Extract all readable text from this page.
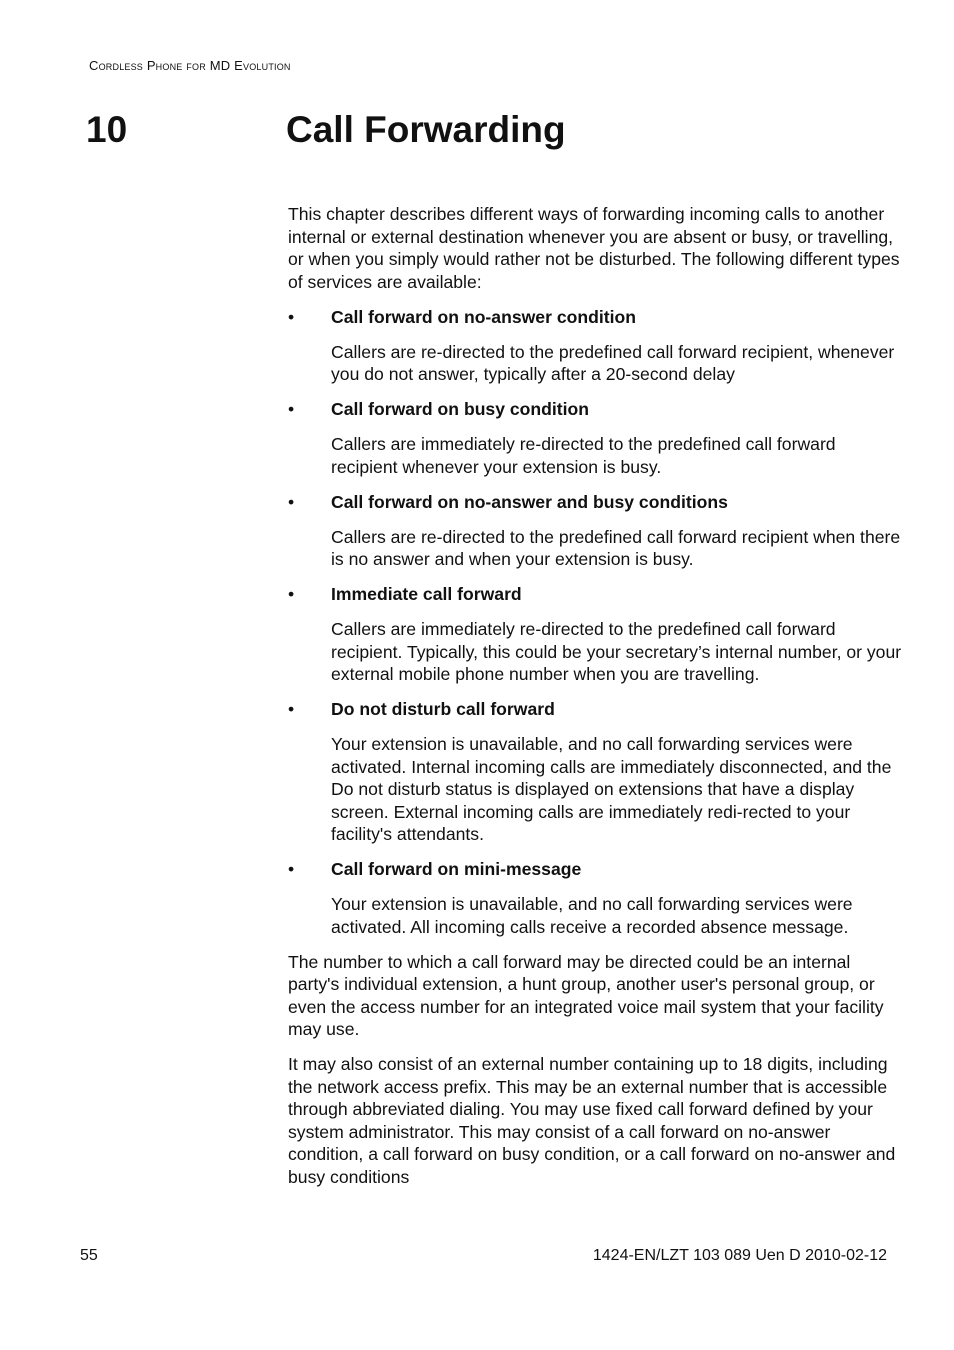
Cordless Phone for MD Evolution
10	Call Forwarding

This chapter describes different ways of forwarding incoming calls to another internal or external destination whenever you are absent or busy, or travelling, or when you simply would rather not be disturbed. The following different types of services are available:

• Call forward on no-answer condition
Callers are re-directed to the predefined call forward recipient, whenever you do not answer, typically after a 20-second delay
• Call forward on busy condition
Callers are immediately re-directed to the predefined call forward recipient whenever your extension is busy.
• Call forward on no-answer and busy conditions
Callers are re-directed to the predefined call forward recipient when there is no answer and when your extension is busy.
• Immediate call forward
Callers are immediately re-directed to the predefined call forward recipient. Typically, this could be your secretary’s internal number, or your external mobile phone number when you are travelling.
• Do not disturb call forward
Your extension is unavailable, and no call forwarding services were activated. Internal incoming calls are immediately disconnected, and the Do not disturb status is displayed on extensions that have a display screen. External incoming calls are immediately redi-rected to your facility's attendants.
• Call forward on mini-message
Your extension is unavailable, and no call forwarding services were activated. All incoming calls receive a recorded absence message.

The number to which a call forward may be directed could be an internal party's individual extension, a hunt group, another user's personal group, or even the access number for an integrated voice mail system that your facility may use.

It may also consist of an external number containing up to 18 digits, including the network access prefix. This may be an external number that is accessible through abbreviated dialing. You may use fixed call forward defined by your system administrator. This may consist of a call forward on no-answer condition, a call forward on busy condition, or a call forward on no-answer and busy conditions

55	1424-EN/LZT 103 089 Uen D 2010-02-12
